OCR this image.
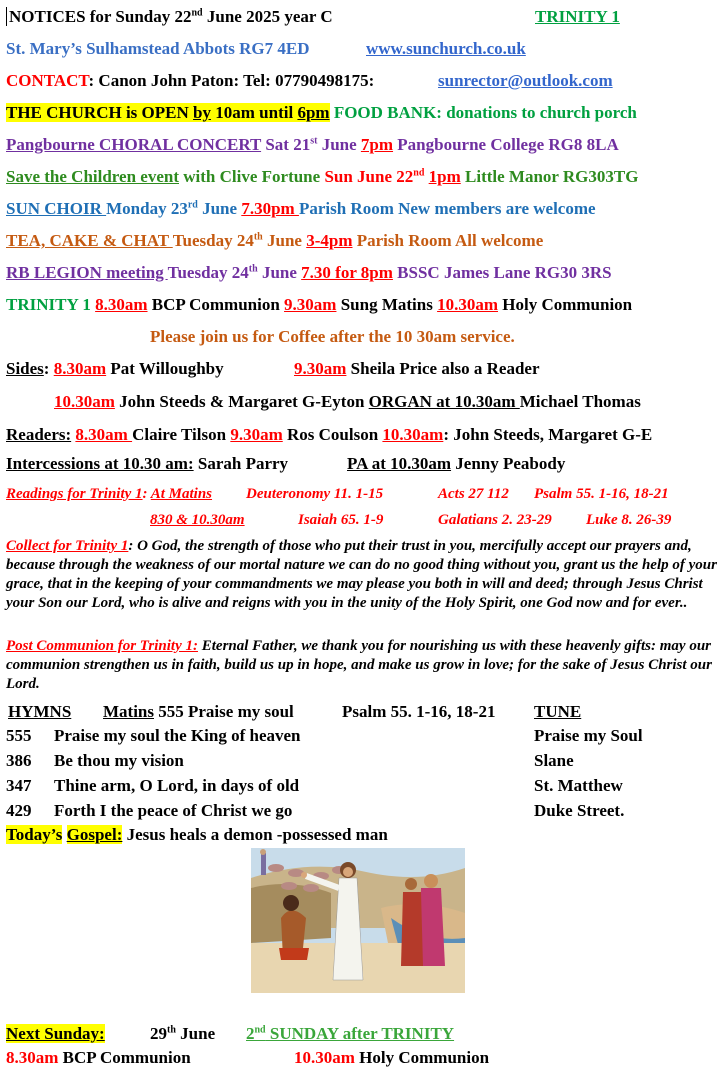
NOTICES for Sunday 22nd June 2025 year C	TRINITY 1
St. Mary’s Sulhamstead Abbots RG7 4ED	www.sunchurch.co.uk
CONTACT: Canon John Paton: Tel: 07790498175:	sunrector@outlook.com
THE CHURCH is OPEN by 10am until 6pm FOOD BANK: donations to church porch
Pangbourne CHORAL CONCERT Sat 21st June 7pm Pangbourne College RG8 8LA
Save the Children event with Clive Fortune Sun June 22nd 1pm Little Manor RG303TG
SUN CHOIR Monday 23rd June 7.30pm Parish Room New members are welcome
TEA, CAKE & CHAT Tuesday 24th June 3-4pm Parish Room All welcome
RB LEGION meeting Tuesday 24th June 7.30 for 8pm BSSC James Lane RG30 3RS
TRINITY 1 8.30am BCP Communion 9.30am Sung Matins 10.30am Holy Communion
Please join us for Coffee after the 10 30am service.
Sides: 8.30am Pat Willoughby	9.30am Sheila Price also a Reader
10.30am John Steeds & Margaret G-Eyton ORGAN at 10.30am Michael Thomas
Readers: 8.30am Claire Tilson 9.30am Ros Coulson 10.30am: John Steeds, Margaret G-E
Intercessions at 10.30 am: Sarah Parry	PA at 10.30am Jenny Peabody
Readings for Trinity 1: At Matins Deuteronomy 11. 1-15	Acts 27 112 Psalm 55. 1-16, 18-21
830 & 10.30am	Isaiah 65. 1-9	Galatians 2. 23-29 Luke 8. 26-39
Collect for Trinity 1: O God, the strength of those who put their trust in you, mercifully accept our prayers and, because through the weakness of our mortal nature we can do no good thing without you, grant us the help of your grace, that in the keeping of your commandments we may please you both in will and deed; through Jesus Christ your Son our Lord, who is alive and reigns with you in the unity of the Holy Spirit, one God now and for ever..
Post Communion for Trinity 1: Eternal Father, we thank you for nourishing us with these heavenly gifts: may our communion strengthen us in faith, build us up in hope, and make us grow in love; for the sake of Jesus Christ our Lord.
HYMNS Matins 555 Praise my soul	Psalm 55. 1-16, 18-21 TUNE
555 Praise my soul the King of heaven	Praise my Soul
386 Be thou my vision	Slane
347 Thine arm, O Lord, in days of old	St. Matthew
429 Forth I the peace of Christ we go	Duke Street.
Today’s Gospel: Jesus heals a demon -possessed man
Next Sunday:	29th June 2nd SUNDAY after TRINITY
8.30am BCP Communion	10.30am Holy Communion
